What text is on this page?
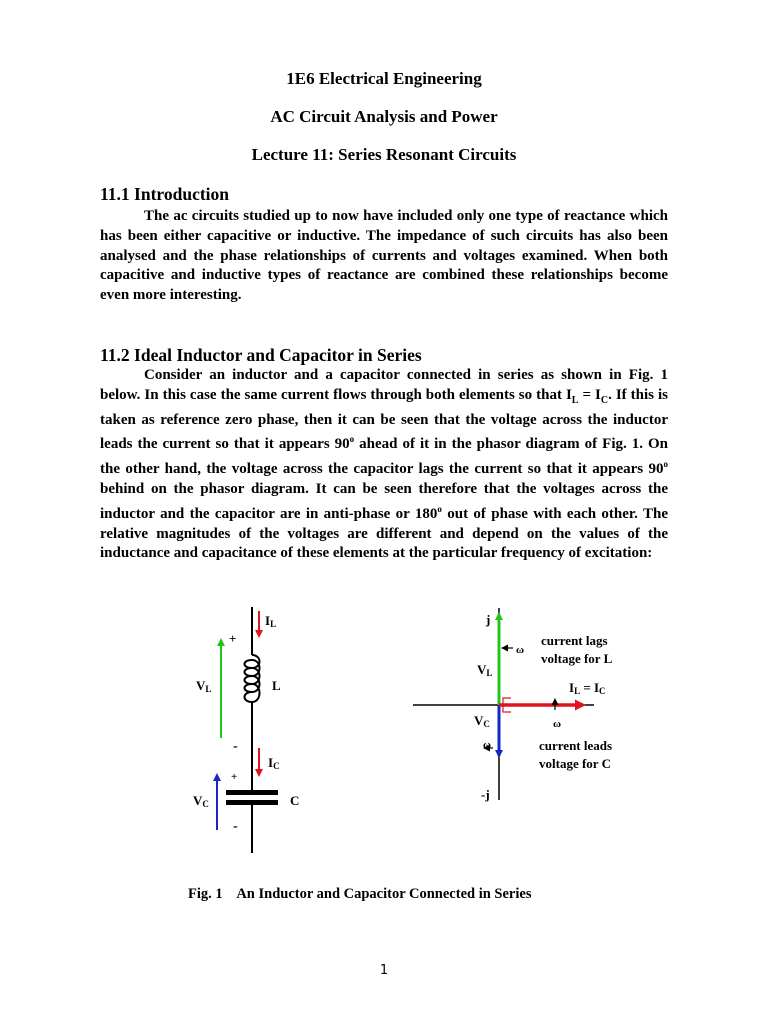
1E6 Electrical Engineering
AC Circuit Analysis and Power
Lecture 11: Series Resonant Circuits
11.1 Introduction

The ac circuits studied up to now have included only one type of reactance which has been either capacitive or inductive. The impedance of such circuits has also been analysed and the phase relationships of currents and voltages examined. When both capacitive and inductive types of reactance are combined these relationships become even more interesting.

11.2 Ideal Inductor and Capacitor in Series

Consider an inductor and a capacitor connected in series as shown in Fig. 1 below. In this case the same current flows through both elements so that $I_L = I_C$. If this is taken as reference zero phase, then it can be seen that the voltage across the inductor leads the current so that it appears 90$^o$ ahead of it in the phasor diagram of Fig. 1. On the other hand, the voltage across the capacitor lags the current so that it appears 90$^o$ behind on the phasor diagram. It can be seen therefore that the voltages across the inductor and the capacitor are in anti-phase or 180$^o$ out of phase with each other. The relative magnitudes of the voltages are different and depend on the values of the inductance and capacitance of these elements at the particular frequency of excitation:

IL
IC
VL
VC
L
C
+
-
+
-
j
-j
ω
ω
ω
VL
VC
IL = IC
current lags
voltage for L
current leads
voltage for C
Fig. 1    An Inductor and Capacitor Connected in Series
1
